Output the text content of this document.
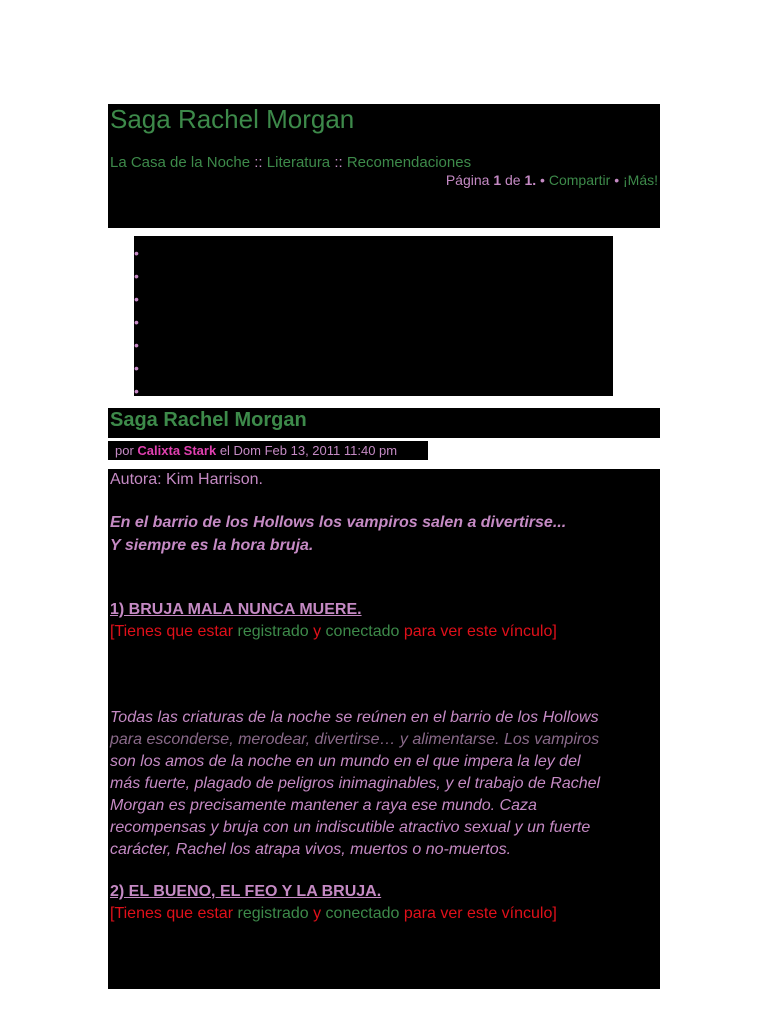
Saga Rachel Morgan
La Casa de la Noche :: Literatura :: Recomendaciones
Página 1 de 1. • Compartir • ¡Más!
•
•
•
•
•
•
•
Saga Rachel Morgan
por Calixta Stark el Dom Feb 13, 2011 11:40 pm
Autora: Kim Harrison.
En el barrio de los Hollows los vampiros salen a divertirse...
Y siempre es la hora bruja.
1) BRUJA MALA NUNCA MUERE.
[Tienes que estar registrado y conectado para ver este vínculo]
Todas las criaturas de la noche se reúnen en el barrio de los Hollows
para esconderse, merodear, divertirse… y alimentarse. Los vampiros
son los amos de la noche en un mundo en el que impera la ley del
más fuerte, plagado de peligros inimaginables, y el trabajo de Rachel
Morgan es precisamente mantener a raya ese mundo. Caza
recompensas y bruja con un indiscutible atractivo sexual y un fuerte
carácter, Rachel los atrapa vivos, muertos o no-muertos.
2) EL BUENO, EL FEO Y LA BRUJA.
[Tienes que estar registrado y conectado para ver este vínculo]
